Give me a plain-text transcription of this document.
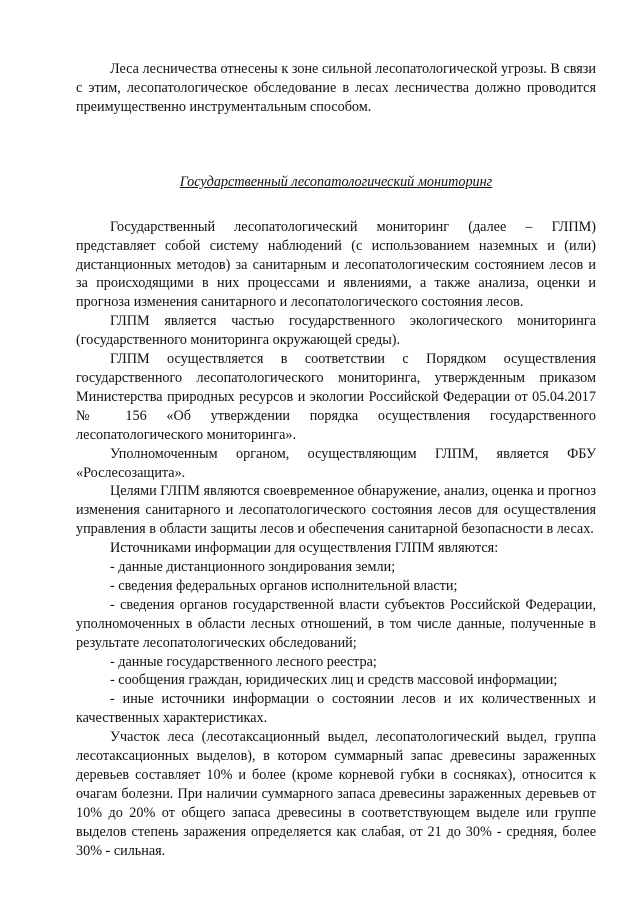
Леса лесничества отнесены к зоне сильной лесопатологической угрозы. В связи с этим, лесопатологическое обследование в лесах лесничества должно проводится преимущественно инструментальным способом.

Государственный лесопатологический мониторинг

Государственный лесопатологический мониторинг (далее – ГЛПМ) представляет собой систему наблюдений (с использованием наземных и (или) дистанционных методов) за санитарным и лесопатологическим состоянием лесов и за происходящими в них процессами и явлениями, а также анализа, оценки и прогноза изменения санитарного и лесопатологического состояния лесов.

ГЛПМ является частью государственного экологического мониторинга (государственного мониторинга окружающей среды).

ГЛПМ осуществляется в соответствии с Порядком осуществления государственного лесопатологического мониторинга, утвержденным приказом Министерства природных ресурсов и экологии Российской Федерации от 05.04.2017 № 156 «Об утверждении порядка осуществления государственного лесопатологического мониторинга».

Уполномоченным органом, осуществляющим ГЛПМ, является ФБУ «Рослесозащита».

Целями ГЛПМ являются своевременное обнаружение, анализ, оценка и прогноз изменения санитарного и лесопатологического состояния лесов для осуществления управления в области защиты лесов и обеспечения санитарной безопасности в лесах.

Источниками информации для осуществления ГЛПМ являются:

- данные дистанционного зондирования земли;

- сведения федеральных органов исполнительной власти;

- сведения органов государственной власти субъектов Российской Федерации, уполномоченных в области лесных отношений, в том числе данные, полученные в результате лесопатологических обследований;

- данные государственного лесного реестра;

- сообщения граждан, юридических лиц и средств массовой информации;

- иные источники информации о состоянии лесов и их количественных и качественных характеристиках.

Участок леса (лесотаксационный выдел, лесопатологический выдел, группа лесотаксационных выделов), в котором суммарный запас древесины зараженных деревьев составляет 10% и более (кроме корневой губки в сосняках), относится к очагам болезни. При наличии суммарного запаса древесины зараженных деревьев от 10% до 20% от общего запаса древесины в соответствующем выделе или группе выделов степень заражения определяется как слабая, от 21 до 30% - средняя, более 30% - сильная.
